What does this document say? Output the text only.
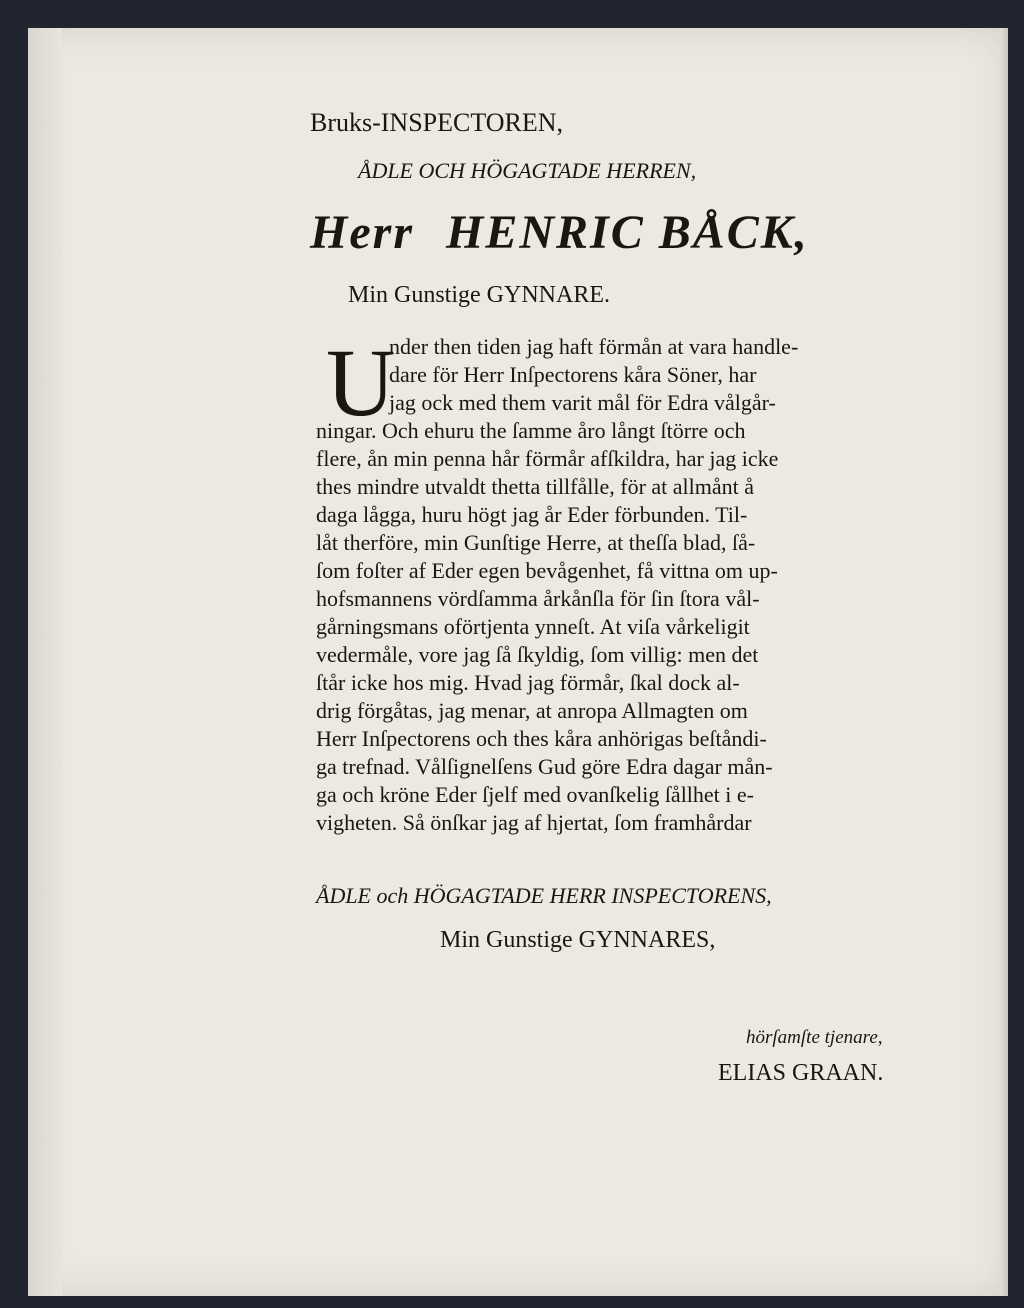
Bruks-INSPECTOREN,
ÅDLE OCH HÖGAGTADE HERREN,
Herr HENRIC BÅCK,
Min Gunstige GYNNARE.
U
nder then tiden jag haft förmån at vara handle-
dare för Herr Inſpectorens kåra Söner, har
jag ock med them varit mål för Edra vålgår-
ningar. Och ehuru the ſamme åro långt ſtörre och
flere, ån min penna hår förmår afſkildra, har jag icke
thes mindre utvaldt thetta tillfålle, för at allmånt å
daga lågga, huru högt jag år Eder förbunden. Til-
låt therföre, min Gunſtige Herre, at theſſa blad, ſå-
ſom foſter af Eder egen bevågenhet, få vittna om up-
hofsmannens vördſamma årkånſla för ſin ſtora vål-
gårningsmans oförtjenta ynneſt. At viſa vårkeligit
vedermåle, vore jag ſå ſkyldig, ſom villig: men det
ſtår icke hos mig. Hvad jag förmår, ſkal dock al-
drig förgåtas, jag menar, at anropa Allmagten om
Herr Inſpectorens och thes kåra anhörigas beſtåndi-
ga trefnad. Vålſignelſens Gud göre Edra dagar mån-
ga och kröne Eder ſjelf med ovanſkelig ſållhet i e-
vigheten. Så önſkar jag af hjertat, ſom framhårdar
ÅDLE och HÖGAGTADE HERR INSPECTORENS,
Min Gunstige GYNNARES,
hörſamſte tjenare,
ELIAS GRAAN.
